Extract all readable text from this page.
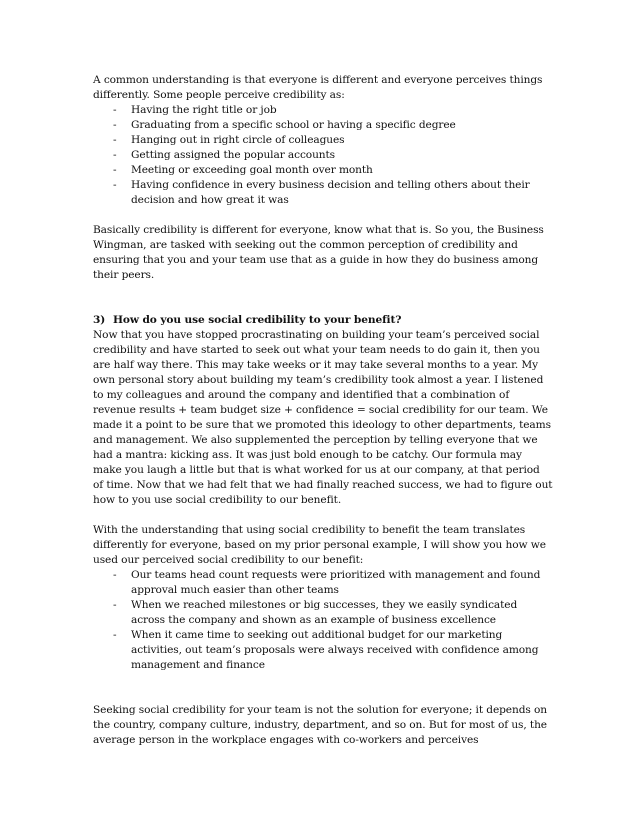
A common understanding is that everyone is different and everyone perceives things differently. Some people perceive credibility as:

- Having the right title or job
- Graduating from a specific school or having a specific degree
- Hanging out in right circle of colleagues
- Getting assigned the popular accounts
- Meeting or exceeding goal month over month
- Having confidence in every business decision and telling others about their decision and how great it was

Basically credibility is different for everyone, know what that is. So you, the Business Wingman, are tasked with seeking out the common perception of credibility and ensuring that you and your team use that as a guide in how they do business among their peers.

3) How do you use social credibility to your benefit?

Now that you have stopped procrastinating on building your team’s perceived social credibility and have started to seek out what your team needs to do gain it, then you are half way there. This may take weeks or it may take several months to a year. My own personal story about building my team’s credibility took almost a year. I listened to my colleagues and around the company and identified that a combination of revenue results + team budget size + confidence = social credibility for our team. We made it a point to be sure that we promoted this ideology to other departments, teams and management. We also supplemented the perception by telling everyone that we had a mantra: kicking ass. It was just bold enough to be catchy. Our formula may make you laugh a little but that is what worked for us at our company, at that period of time. Now that we had felt that we had finally reached success, we had to figure out how to you use social credibility to our benefit.

With the understanding that using social credibility to benefit the team translates differently for everyone, based on my prior personal example, I will show you how we used our perceived social credibility to our benefit:

- Our teams head count requests were prioritized with management and found approval much easier than other teams
- When we reached milestones or big successes, they we easily syndicated across the company and shown as an example of business excellence
- When it came time to seeking out additional budget for our marketing activities, out team’s proposals were always received with confidence among management and finance

Seeking social credibility for your team is not the solution for everyone; it depends on the country, company culture, industry, department, and so on. But for most of us, the average person in the workplace engages with co-workers and perceives
